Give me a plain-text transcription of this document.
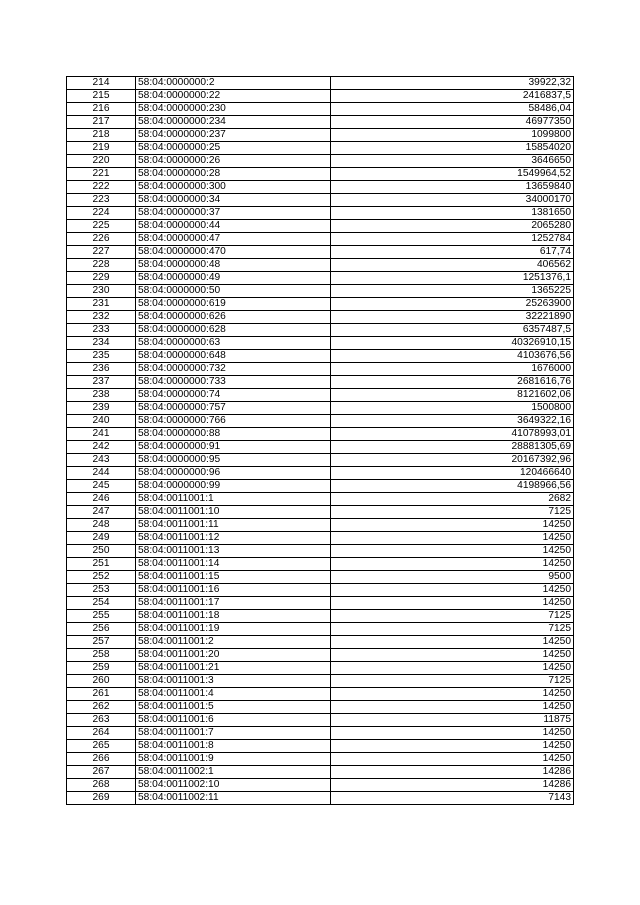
214	58:04:0000000:2	39922,32
215	58:04:0000000:22	2416837,5
216	58:04:0000000:230	58486,04
217	58:04:0000000:234	46977350
218	58:04:0000000:237	1099800
219	58:04:0000000:25	15854020
220	58:04:0000000:26	3646650
221	58:04:0000000:28	1549964,52
222	58:04:0000000:300	13659840
223	58:04:0000000:34	34000170
224	58:04:0000000:37	1381650
225	58:04:0000000:44	2065280
226	58:04:0000000:47	1252784
227	58:04:0000000:470	617,74
228	58:04:0000000:48	406562
229	58:04:0000000:49	1251376,1
230	58:04:0000000:50	1365225
231	58:04:0000000:619	25263900
232	58:04:0000000:626	32221890
233	58:04:0000000:628	6357487,5
234	58:04:0000000:63	40326910,15
235	58:04:0000000:648	4103676,56
236	58:04:0000000:732	1676000
237	58:04:0000000:733	2681616,76
238	58:04:0000000:74	8121602,06
239	58:04:0000000:757	1500800
240	58:04:0000000:766	3649322,16
241	58:04:0000000:88	41078993,01
242	58:04:0000000:91	28881305,69
243	58:04:0000000:95	20167392,96
244	58:04:0000000:96	120466640
245	58:04:0000000:99	4198966,56
246	58:04:0011001:1	2682
247	58:04:0011001:10	7125
248	58:04:0011001:11	14250
249	58:04:0011001:12	14250
250	58:04:0011001:13	14250
251	58:04:0011001:14	14250
252	58:04:0011001:15	9500
253	58:04:0011001:16	14250
254	58:04:0011001:17	14250
255	58:04:0011001:18	7125
256	58:04:0011001:19	7125
257	58:04:0011001:2	14250
258	58:04:0011001:20	14250
259	58:04:0011001:21	14250
260	58:04:0011001:3	7125
261	58:04:0011001:4	14250
262	58:04:0011001:5	14250
263	58:04:0011001:6	11875
264	58:04:0011001:7	14250
265	58:04:0011001:8	14250
266	58:04:0011001:9	14250
267	58:04:0011002:1	14286
268	58:04:0011002:10	14286
269	58:04:0011002:11	7143
